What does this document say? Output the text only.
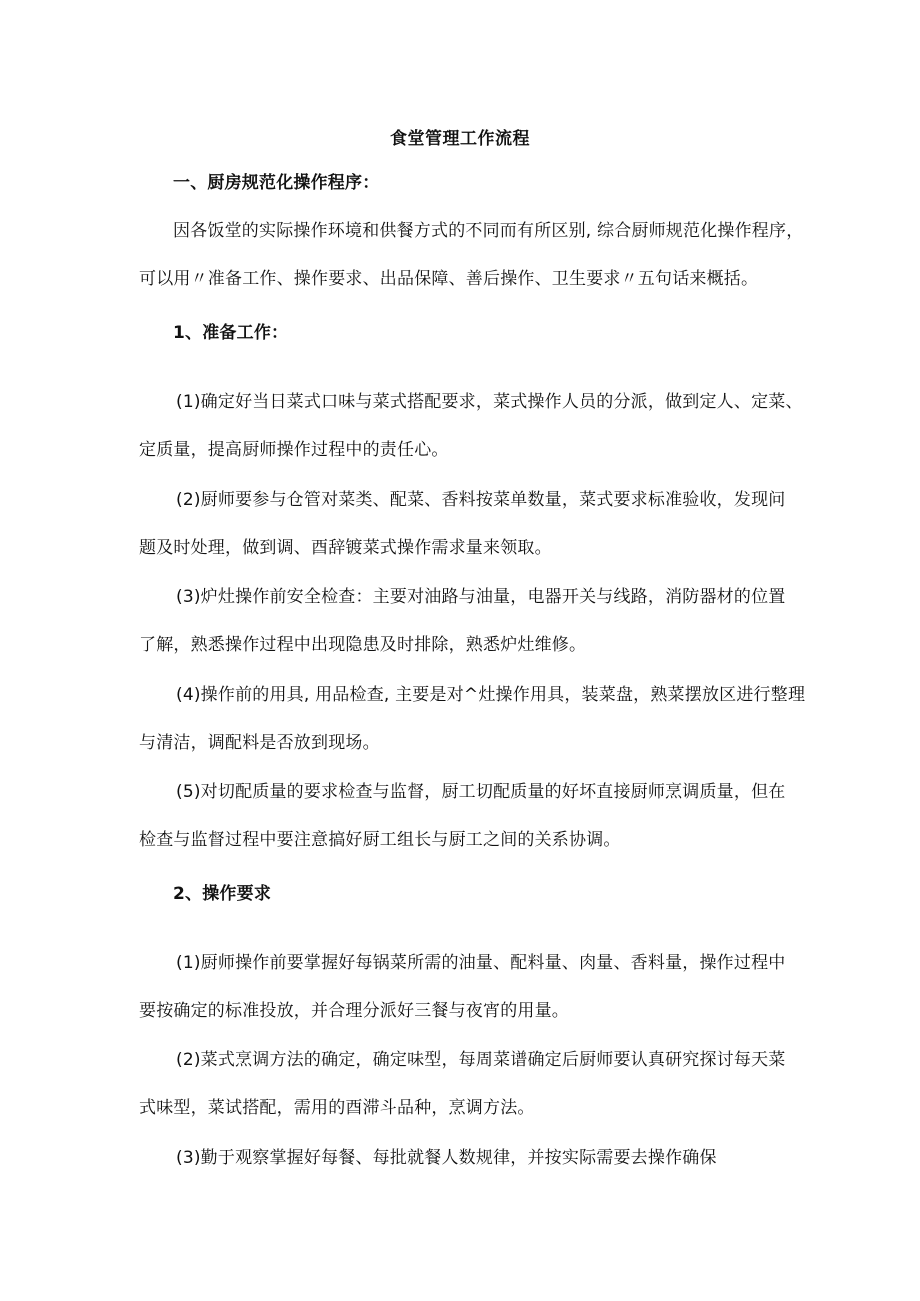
食堂管理工作流程
一、厨房规范化操作程序：
因各饭堂的实际操作环境和供餐方式的不同而有所区别, 综合厨师规范化操作程序，
可以用〃准备工作、操作要求、出品保障、善后操作、卫生要求〃五句话来概括。
1、准备工作：
(1)确定好当日菜式口味与菜式搭配要求，菜式操作人员的分派，做到定人、定菜、
定质量，提高厨师操作过程中的责任心。
(2)厨师要参与仓管对菜类、配菜、香料按菜单数量，菜式要求标准验收，发现问
题及时处理，做到调、酉辞镀菜式操作需求量来领取。
(3)炉灶操作前安全检查：主要对油路与油量，电器开关与线路，消防器材的位置
了解，熟悉操作过程中出现隐患及时排除，熟悉炉灶维修。
(4)操作前的用具, 用品检查, 主要是对^灶操作用具，装菜盘，熟菜摆放区进行整理
与清洁，调配料是否放到现场。
(5)对切配质量的要求检查与监督，厨工切配质量的好坏直接厨师烹调质量，但在
检查与监督过程中要注意搞好厨工组长与厨工之间的关系协调。
2、操作要求
(1)厨师操作前要掌握好每锅菜所需的油量、配料量、肉量、香料量，操作过程中
要按确定的标准投放，并合理分派好三餐与夜宵的用量。
(2)菜式烹调方法的确定，确定味型，每周菜谱确定后厨师要认真研究探讨每天菜
式味型，菜试搭配，需用的酉滞斗品种，烹调方法。
(3)勤于观察掌握好每餐、每批就餐人数规律，并按实际需要去操作确保
